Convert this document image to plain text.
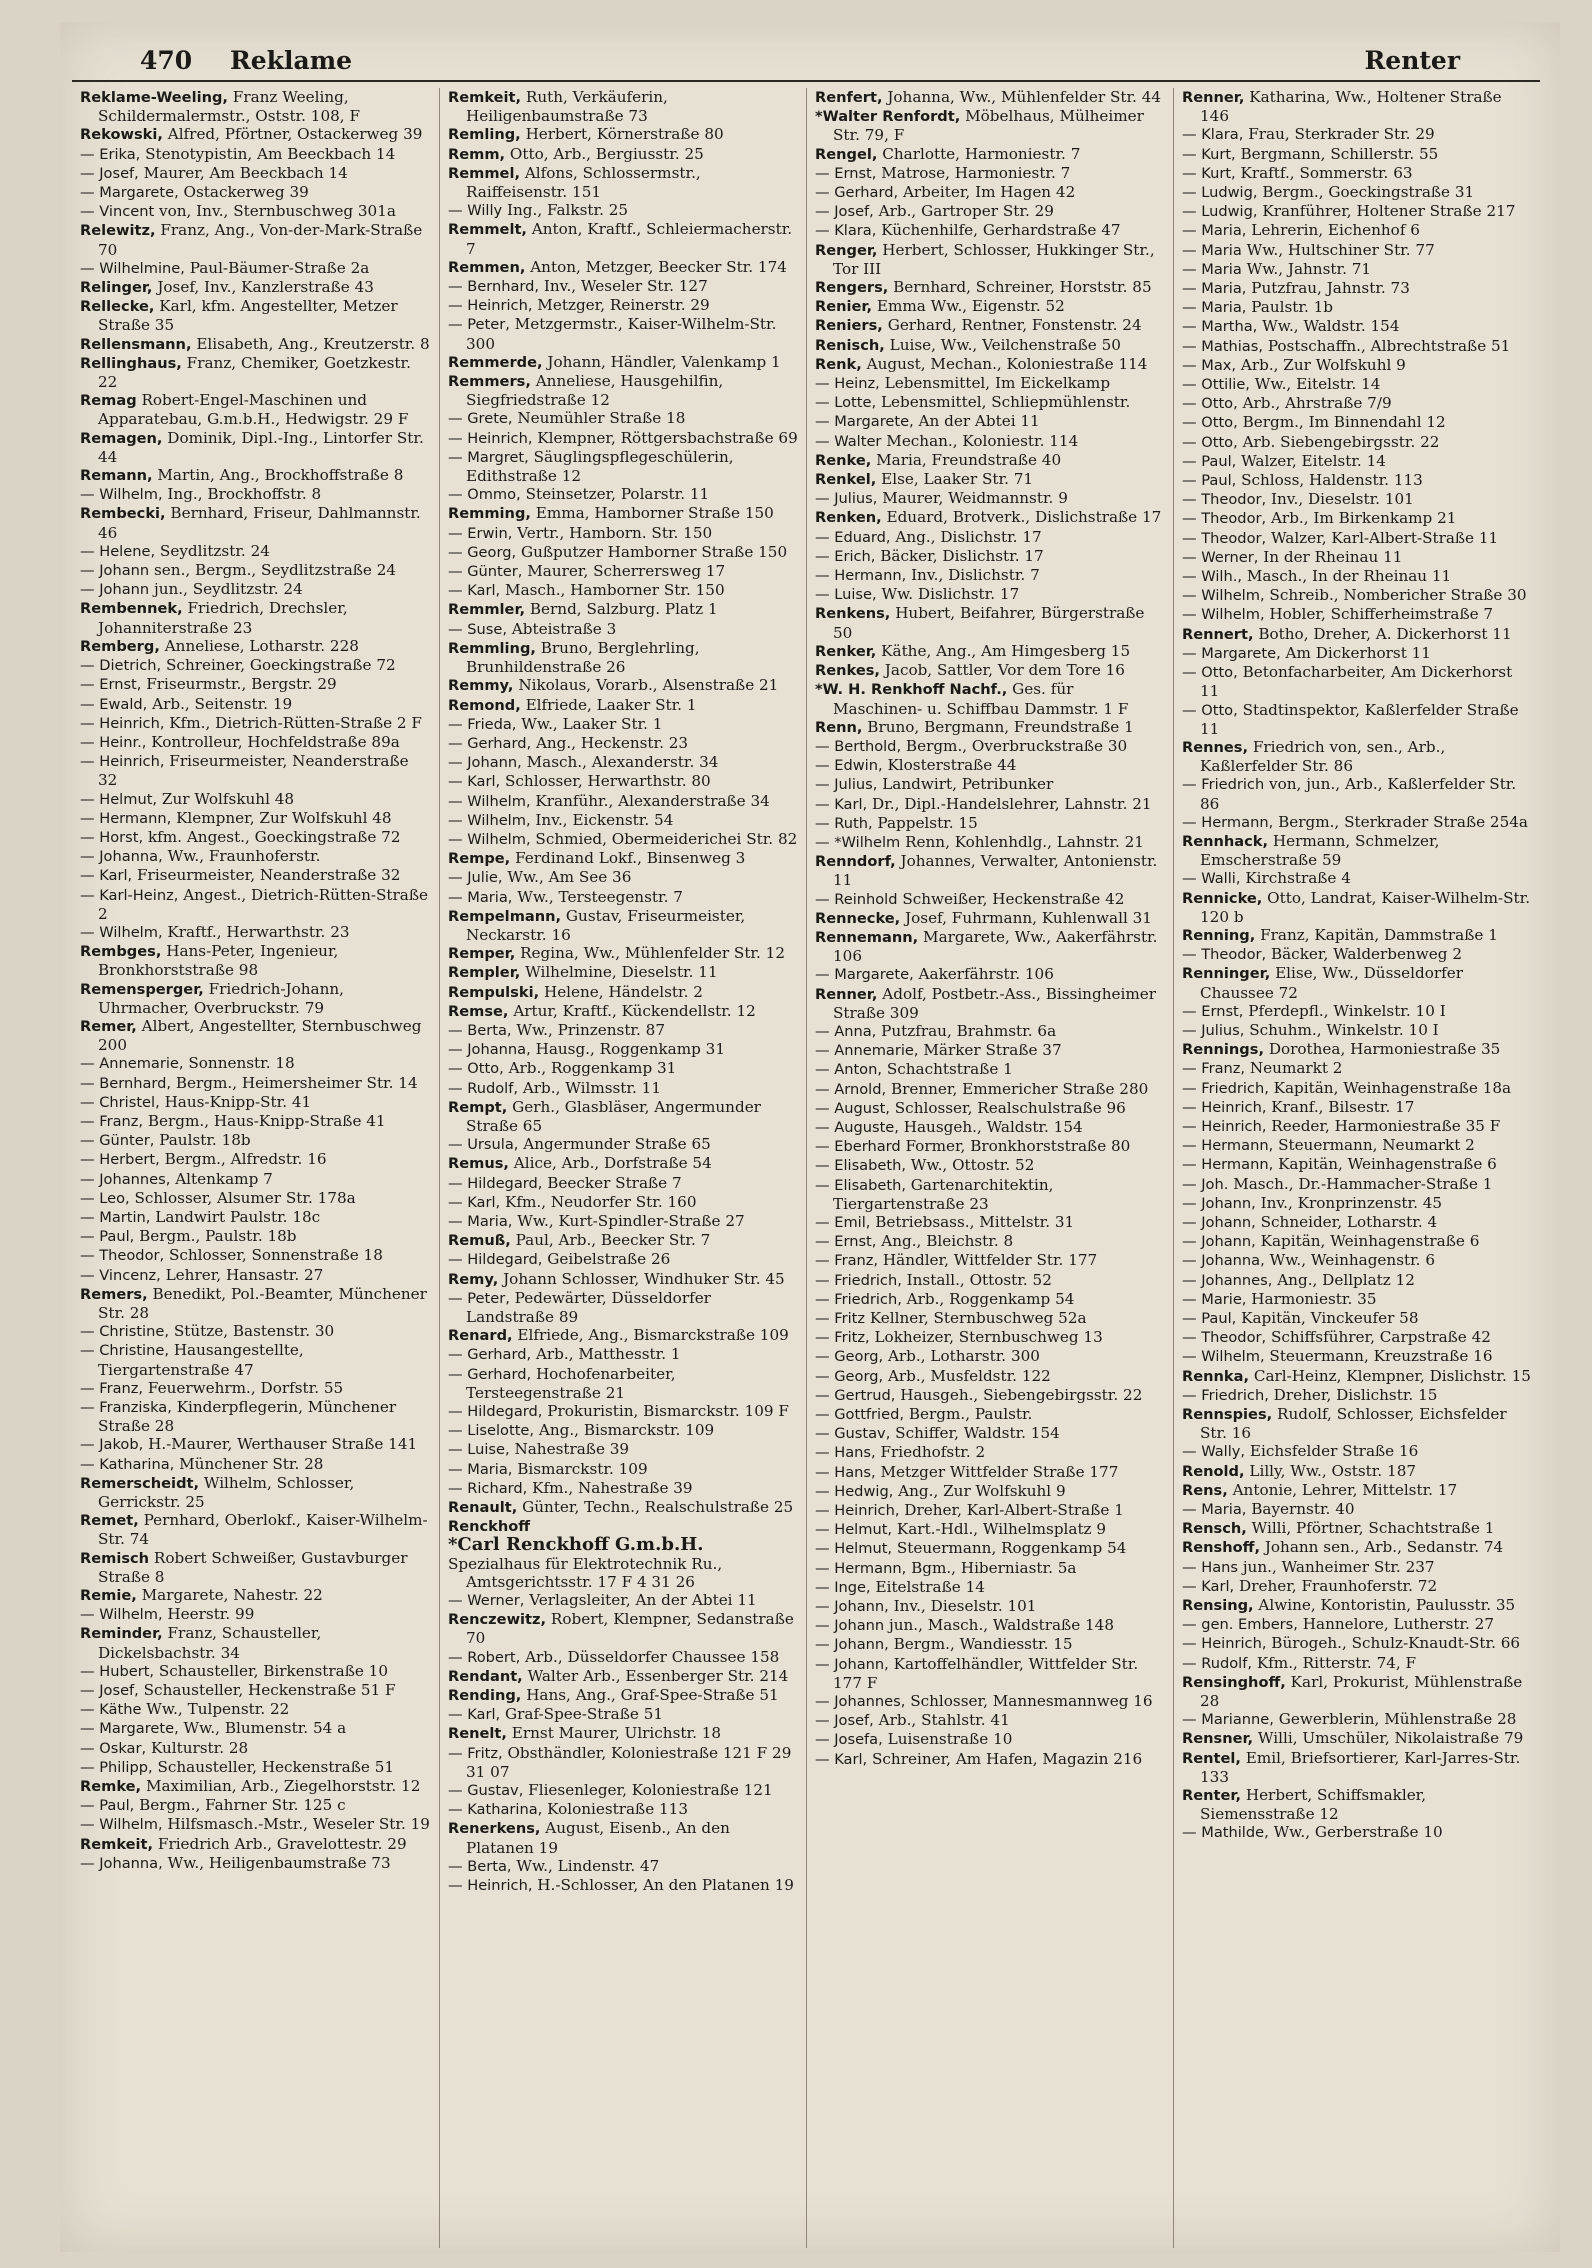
470 Reklame	Renter

Reklame-Weeling, Franz Weeling, Schildermalermstr., Oststr. 108, F

Rekowski, Alfred, Pförtner, Ostackerweg 39

— Erika, Stenotypistin, Am Beeckbach 14

— Josef, Maurer, Am Beeckbach 14

— Margarete, Ostackerweg 39

— Vincent von, Inv., Sternbuschweg 301a

Relewitz, Franz, Ang., Von-der-Mark-Straße 70

— Wilhelmine, Paul-Bäumer-Straße 2a

Relinger, Josef, Inv., Kanzlerstraße 43

Rellecke, Karl, kfm. Angestellter, Metzer Straße 35

Rellensmann, Elisabeth, Ang., Kreutzerstr. 8

Rellinghaus, Franz, Chemiker, Goetzkestr. 22

Remag Robert-Engel-Maschinen und Apparatebau, G.m.b.H., Hedwigstr. 29 F

Remagen, Dominik, Dipl.-Ing., Lintorfer Str. 44

Remann, Martin, Ang., Brockhoffstraße 8

— Wilhelm, Ing., Brockhoffstr. 8

Rembecki, Bernhard, Friseur, Dahlmannstr. 46

— Helene, Seydlitzstr. 24

— Johann sen., Bergm., Seydlitzstraße 24

— Johann jun., Seydlitzstr. 24

Rembennek, Friedrich, Drechsler, Johanniterstraße 23

Remberg, Anneliese, Lotharstr. 228

— Dietrich, Schreiner, Goeckingstraße 72

— Ernst, Friseurmstr., Bergstr. 29

— Ewald, Arb., Seitenstr. 19

— Heinrich, Kfm., Dietrich-Rütten-Straße 2 F

— Heinr., Kontrolleur, Hochfeldstraße 89a

— Heinrich, Friseurmeister, Neanderstraße 32

— Helmut, Zur Wolfskuhl 48

— Hermann, Klempner, Zur Wolfskuhl 48

— Horst, kfm. Angest., Goeckingstraße 72

— Johanna, Ww., Fraunhoferstr.

— Karl, Friseurmeister, Neanderstraße 32

— Karl-Heinz, Angest., Dietrich-Rütten-Straße 2

— Wilhelm, Kraftf., Herwarthstr. 23

Rembges, Hans-Peter, Ingenieur, Bronkhorststraße 98

Remensperger, Friedrich-Johann, Uhrmacher, Overbruckstr. 79

Remer, Albert, Angestellter, Sternbuschweg 200

— Annemarie, Sonnenstr. 18

— Bernhard, Bergm., Heimersheimer Str. 14

— Christel, Haus-Knipp-Str. 41

— Franz, Bergm., Haus-Knipp-Straße 41

— Günter, Paulstr. 18b

— Herbert, Bergm., Alfredstr. 16

— Johannes, Altenkamp 7

— Leo, Schlosser, Alsumer Str. 178a

— Martin, Landwirt Paulstr. 18c

— Paul, Bergm., Paulstr. 18b

— Theodor, Schlosser, Sonnenstraße 18

— Vincenz, Lehrer, Hansastr. 27

Remers, Benedikt, Pol.-Beamter, Münchener Str. 28

— Christine, Stütze, Bastenstr. 30

— Christine, Hausangestellte, Tiergartenstraße 47

— Franz, Feuerwehrm., Dorfstr. 55

— Franziska, Kinderpflegerin, Münchener Straße 28

— Jakob, H.-Maurer, Werthauser Straße 141

— Katharina, Münchener Str. 28

Remerscheidt, Wilhelm, Schlosser, Gerrickstr. 25

Remet, Pernhard, Oberlokf., Kaiser-Wilhelm-Str. 74

Remisch Robert Schweißer, Gustavburger Straße 8

Remie, Margarete, Nahestr. 22

— Wilhelm, Heerstr. 99

Reminder, Franz, Schausteller, Dickelsbachstr. 34

— Hubert, Schausteller, Birkenstraße 10

— Josef, Schausteller, Heckenstraße 51 F

— Käthe Ww., Tulpenstr. 22

— Margarete, Ww., Blumenstr. 54 a

— Oskar, Kulturstr. 28

— Philipp, Schausteller, Heckenstraße 51

Remke, Maximilian, Arb., Ziegelhorststr. 12

— Paul, Bergm., Fahrner Str. 125 c

— Wilhelm, Hilfsmasch.-Mstr., Weseler Str. 19

Remkeit, Friedrich Arb., Gravelottestr. 29

— Johanna, Ww., Heiligenbaumstraße 73

Remkeit, Ruth, Verkäuferin, Heiligenbaumstraße 73

Remling, Herbert, Körnerstraße 80

Remm, Otto, Arb., Bergiusstr. 25

Remmel, Alfons, Schlossermstr., Raiffeisenstr. 151

— Willy Ing., Falkstr. 25

Remmelt, Anton, Kraftf., Schleiermacherstr. 7

Remmen, Anton, Metzger, Beecker Str. 174

— Bernhard, Inv., Weseler Str. 127

— Heinrich, Metzger, Reinerstr. 29

— Peter, Metzgermstr., Kaiser-Wilhelm-Str. 300

Remmerde, Johann, Händler, Valenkamp 1

Remmers, Anneliese, Hausgehilfin, Siegfriedstraße 12

— Grete, Neumühler Straße 18

— Heinrich, Klempner, Röttgersbachstraße 69

— Margret, Säuglingspflegeschülerin, Edithstraße 12

— Ommo, Steinsetzer, Polarstr. 11

Remming, Emma, Hamborner Straße 150

— Erwin, Vertr., Hamborn. Str. 150

— Georg, Gußputzer Hamborner Straße 150

— Günter, Maurer, Scherrersweg 17

— Karl, Masch., Hamborner Str. 150

Remmler, Bernd, Salzburg. Platz 1

— Suse, Abteistraße 3

Remmling, Bruno, Berglehrling, Brunhildenstraße 26

Remmy, Nikolaus, Vorarb., Alsenstraße 21

Remond, Elfriede, Laaker Str. 1

— Frieda, Ww., Laaker Str. 1

— Gerhard, Ang., Heckenstr. 23

— Johann, Masch., Alexanderstr. 34

— Karl, Schlosser, Herwarthstr. 80

— Wilhelm, Kranführ., Alexanderstraße 34

— Wilhelm, Inv., Eickenstr. 54

— Wilhelm, Schmied, Obermeiderichei Str. 82

Rempe, Ferdinand Lokf., Binsenweg 3

— Julie, Ww., Am See 36

— Maria, Ww., Tersteegenstr. 7

Rempelmann, Gustav, Friseurmeister, Neckarstr. 16

Remper, Regina, Ww., Mühlenfelder Str. 12

Rempler, Wilhelmine, Dieselstr. 11

Rempulski, Helene, Händelstr. 2

Remse, Artur, Kraftf., Kückendellstr. 12

— Berta, Ww., Prinzenstr. 87

— Johanna, Hausg., Roggenkamp 31

— Otto, Arb., Roggenkamp 31

— Rudolf, Arb., Wilmsstr. 11

Rempt, Gerh., Glasbläser, Angermunder Straße 65

— Ursula, Angermunder Straße 65

Remus, Alice, Arb., Dorfstraße 54

— Hildegard, Beecker Straße 7

— Karl, Kfm., Neudorfer Str. 160

— Maria, Ww., Kurt-Spindler-Straße 27

Remuß, Paul, Arb., Beecker Str. 7

— Hildegard, Geibelstraße 26

Remy, Johann Schlosser, Windhuker Str. 45

— Peter, Pedewärter, Düsseldorfer Landstraße 89

Renard, Elfriede, Ang., Bismarckstraße 109

— Gerhard, Arb., Matthesstr. 1

— Gerhard, Hochofenarbeiter, Tersteegenstraße 21

— Hildegard, Prokuristin, Bismarckstr. 109 F

— Liselotte, Ang., Bismarckstr. 109

— Luise, Nahestraße 39

— Maria, Bismarckstr. 109

— Richard, Kfm., Nahestraße 39

Renault, Günter, Techn., Realschulstraße 25

Renckhoff

*Carl Renckhoff G.m.b.H.

Spezialhaus für Elektrotechnik Ru., Amtsgerichtsstr. 17 F 4 31 26

— Werner, Verlagsleiter, An der Abtei 11

Renczewitz, Robert, Klempner, Sedanstraße 70

— Robert, Arb., Düsseldorfer Chaussee 158

Rendant, Walter Arb., Essenberger Str. 214

Rending, Hans, Ang., Graf-Spee-Straße 51

— Karl, Graf-Spee-Straße 51

Renelt, Ernst Maurer, Ulrichstr. 18

— Fritz, Obsthändler, Koloniestraße 121 F 29 31 07

— Gustav, Fliesenleger, Koloniestraße 121

— Katharina, Koloniestraße 113

Renerkens, August, Eisenb., An den Platanen 19

— Berta, Ww., Lindenstr. 47

— Heinrich, H.-Schlosser, An den Platanen 19

Renfert, Johanna, Ww., Mühlenfelder Str. 44

*Walter Renfordt, Möbelhaus, Mülheimer Str. 79, F

Rengel, Charlotte, Harmoniestr. 7

— Ernst, Matrose, Harmoniestr. 7

— Gerhard, Arbeiter, Im Hagen 42

— Josef, Arb., Gartroper Str. 29

— Klara, Küchenhilfe, Gerhardstraße 47

Renger, Herbert, Schlosser, Hukkinger Str., Tor III

Rengers, Bernhard, Schreiner, Horststr. 85

Renier, Emma Ww., Eigenstr. 52

Reniers, Gerhard, Rentner, Fonstenstr. 24

Renisch, Luise, Ww., Veilchenstraße 50

Renk, August, Mechan., Koloniestraße 114

— Heinz, Lebensmittel, Im Eickelkamp

— Lotte, Lebensmittel, Schliepmühlenstr.

— Margarete, An der Abtei 11

— Walter Mechan., Koloniestr. 114

Renke, Maria, Freundstraße 40

Renkel, Else, Laaker Str. 71

— Julius, Maurer, Weidmannstr. 9

Renken, Eduard, Brotverk., Dislichstraße 17

— Eduard, Ang., Dislichstr. 17

— Erich, Bäcker, Dislichstr. 17

— Hermann, Inv., Dislichstr. 7

— Luise, Ww. Dislichstr. 17

Renkens, Hubert, Beifahrer, Bürgerstraße 50

Renker, Käthe, Ang., Am Himgesberg 15

Renkes, Jacob, Sattler, Vor dem Tore 16

*W. H. Renkhoff Nachf., Ges. für Maschinen- u. Schiffbau Dammstr. 1 F

Renn, Bruno, Bergmann, Freundstraße 1

— Berthold, Bergm., Overbruckstraße 30

— Edwin, Klosterstraße 44

— Julius, Landwirt, Petribunker

— Karl, Dr., Dipl.-Handelslehrer, Lahnstr. 21

— Ruth, Pappelstr. 15

— *Wilhelm Renn, Kohlenhdlg., Lahnstr. 21

Renndorf, Johannes, Verwalter, Antonienstr. 11

— Reinhold Schweißer, Heckenstraße 42

Rennecke, Josef, Fuhrmann, Kuhlenwall 31

Rennemann, Margarete, Ww., Aakerfährstr. 106

— Margarete, Aakerfährstr. 106

Renner, Adolf, Postbetr.-Ass., Bissingheimer Straße 309

— Anna, Putzfrau, Brahmstr. 6a

— Annemarie, Märker Straße 37

— Anton, Schachtstraße 1

— Arnold, Brenner, Emmericher Straße 280

— August, Schlosser, Realschulstraße 96

— Auguste, Hausgeh., Waldstr. 154

— Eberhard Former, Bronkhorststraße 80

— Elisabeth, Ww., Ottostr. 52

— Elisabeth, Gartenarchitektin, Tiergartenstraße 23

— Emil, Betriebsass., Mittelstr. 31

— Ernst, Ang., Bleichstr. 8

— Franz, Händler, Wittfelder Str. 177

— Friedrich, Install., Ottostr. 52

— Friedrich, Arb., Roggenkamp 54

— Fritz Kellner, Sternbuschweg 52a

— Fritz, Lokheizer, Sternbuschweg 13

— Georg, Arb., Lotharstr. 300

— Georg, Arb., Musfeldstr. 122

— Gertrud, Hausgeh., Siebengebirgsstr. 22

— Gottfried, Bergm., Paulstr.

— Gustav, Schiffer, Waldstr. 154

— Hans, Friedhofstr. 2

— Hans, Metzger Wittfelder Straße 177

— Hedwig, Ang., Zur Wolfskuhl 9

— Heinrich, Dreher, Karl-Albert-Straße 1

— Helmut, Kart.-Hdl., Wilhelmsplatz 9

— Helmut, Steuermann, Roggenkamp 54

— Hermann, Bgm., Hiberniastr. 5a

— Inge, Eitelstraße 14

— Johann, Inv., Dieselstr. 101

— Johann jun., Masch., Waldstraße 148

— Johann, Bergm., Wandiesstr. 15

— Johann, Kartoffelhändler, Wittfelder Str. 177 F

— Johannes, Schlosser, Mannesmannweg 16

— Josef, Arb., Stahlstr. 41

— Josefa, Luisenstraße 10

— Karl, Schreiner, Am Hafen, Magazin 216

Renner, Katharina, Ww., Holtener Straße 146

— Klara, Frau, Sterkrader Str. 29

— Kurt, Bergmann, Schillerstr. 55

— Kurt, Kraftf., Sommerstr. 63

— Ludwig, Bergm., Goeckingstraße 31

— Ludwig, Kranführer, Holtener Straße 217

— Maria, Lehrerin, Eichenhof 6

— Maria Ww., Hultschiner Str. 77

— Maria Ww., Jahnstr. 71

— Maria, Putzfrau, Jahnstr. 73

— Maria, Paulstr. 1b

— Martha, Ww., Waldstr. 154

— Mathias, Postschaffn., Albrechtstraße 51

— Max, Arb., Zur Wolfskuhl 9

— Ottilie, Ww., Eitelstr. 14

— Otto, Arb., Ahrstraße 7/9

— Otto, Bergm., Im Binnendahl 12

— Otto, Arb. Siebengebirgsstr. 22

— Paul, Walzer, Eitelstr. 14

— Paul, Schloss, Haldenstr. 113

— Theodor, Inv., Dieselstr. 101

— Theodor, Arb., Im Birkenkamp 21

— Theodor, Walzer, Karl-Albert-Straße 11

— Werner, In der Rheinau 11

— Wilh., Masch., In der Rheinau 11

— Wilhelm, Schreib., Nombericher Straße 30

— Wilhelm, Hobler, Schifferheimstraße 7

Rennert, Botho, Dreher, A. Dickerhorst 11

— Margarete, Am Dickerhorst 11

— Otto, Betonfacharbeiter, Am Dickerhorst 11

— Otto, Stadtinspektor, Kaßlerfelder Straße 11

Rennes, Friedrich von, sen., Arb., Kaßlerfelder Str. 86

— Friedrich von, jun., Arb., Kaßlerfelder Str. 86

— Hermann, Bergm., Sterkrader Straße 254a

Rennhack, Hermann, Schmelzer, Emscherstraße 59

— Walli, Kirchstraße 4

Rennicke, Otto, Landrat, Kaiser-Wilhelm-Str. 120 b

Renning, Franz, Kapitän, Dammstraße 1

— Theodor, Bäcker, Walderbenweg 2

Renninger, Elise, Ww., Düsseldorfer Chaussee 72

— Ernst, Pferdepfl., Winkelstr. 10 I

— Julius, Schuhm., Winkelstr. 10 I

Rennings, Dorothea, Harmoniestraße 35

— Franz, Neumarkt 2

— Friedrich, Kapitän, Weinhagenstraße 18a

— Heinrich, Kranf., Bilsestr. 17

— Heinrich, Reeder, Harmoniestraße 35 F

— Hermann, Steuermann, Neumarkt 2

— Hermann, Kapitän, Weinhagenstraße 6

— Joh. Masch., Dr.-Hammacher-Straße 1

— Johann, Inv., Kronprinzenstr. 45

— Johann, Schneider, Lotharstr. 4

— Johann, Kapitän, Weinhagenstraße 6

— Johanna, Ww., Weinhagenstr. 6

— Johannes, Ang., Dellplatz 12

— Marie, Harmoniestr. 35

— Paul, Kapitän, Vinckeufer 58

— Theodor, Schiffsführer, Carpstraße 42

— Wilhelm, Steuermann, Kreuzstraße 16

Rennka, Carl-Heinz, Klempner, Dislichstr. 15

— Friedrich, Dreher, Dislichstr. 15

Rennspies, Rudolf, Schlosser, Eichsfelder Str. 16

— Wally, Eichsfelder Straße 16

Renold, Lilly, Ww., Oststr. 187

Rens, Antonie, Lehrer, Mittelstr. 17

— Maria, Bayernstr. 40

Rensch, Willi, Pförtner, Schachtstraße 1

Renshoff, Johann sen., Arb., Sedanstr. 74

— Hans jun., Wanheimer Str. 237

— Karl, Dreher, Fraunhoferstr. 72

Rensing, Alwine, Kontoristin, Paulusstr. 35

— gen. Embers, Hannelore, Lutherstr. 27

— Heinrich, Bürogeh., Schulz-Knaudt-Str. 66

— Rudolf, Kfm., Ritterstr. 74, F

Rensinghoff, Karl, Prokurist, Mühlenstraße 28

— Marianne, Gewerblerin, Mühlenstraße 28

Rensner, Willi, Umschüler, Nikolaistraße 79

Rentel, Emil, Briefsortierer, Karl-Jarres-Str. 133

Renter, Herbert, Schiffsmakler, Siemensstraße 12

— Mathilde, Ww., Gerberstraße 10
